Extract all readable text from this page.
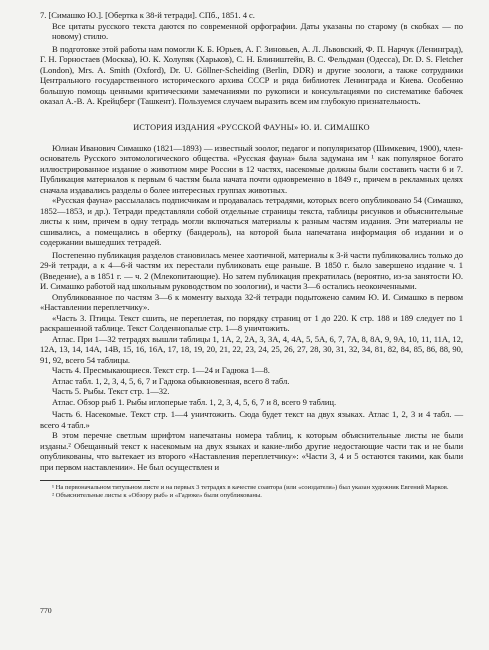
7. [Симашко Ю.]. [Обертка к 38-й тетради]. СПб., 1851. 4 с.

Все цитаты русского текста даются по современной орфографии. Даты указаны по старому (в скобках — по новому) стилю.

В подготовке этой работы нам помогли К. Б. Юрьев, А. Г. Зиновьев, А. Л. Львовский, Ф. П. Нарчук (Ленинград), Г. Н. Горностаев (Москва), Ю. К. Холупяк (Харьков), С. Н. Блиништейн, В. С. Фельдман (Одесса), Dr. D. S. Fletcher (London), Mrs. A. Smith (Oxford), Dr. U. Göllner-Scheiding (Berlin, DDR) и другие зоологи, а также сотрудники Центрального государственного исторического архива СССР и ряда библиотек Ленинграда и Киева. Особенно большую помощь ценными критическими замечаниями по рукописи и консультациями по систематике бабочек оказал А.-В. А. Крейцберг (Ташкент). Пользуемся случаем выразить всем им глубокую признательность.

ИСТОРИЯ ИЗДАНИЯ «РУССКОЙ ФАУНЫ» Ю. И. СИМАШКО

Юлиан Иванович Симашко (1821—1893) — известный зоолог, педагог и популяризатор (Шимкевич, 1900), член-основатель Русского энтомологического общества. «Русская фауна» была задумана им ¹ как популярное богато иллюстрированное издание о животном мире России в 12 частях, насекомые должны были составить части 6 и 7. Публикация материалов к первым 6 частям была начата почти одновременно в 1849 г., причем в рекламных целях сначала издавались разделы о более интересных группах животных.

«Русская фауна» рассылалась подписчикам и продавалась тетрадями, которых всего опубликовано 54 (Симашко, 1852—1853, и др.). Тетради представляли собой отдельные страницы текста, таблицы рисунков и объяснительные листы к ним, причем в одну тетрадь могли включаться материалы к разным частям издания. Эти материалы не сшивались, а помещались в обертку (бандероль), на которой была напечатана информация об издании и о содержании вышедших тетрадей.

Постепенно публикация разделов становилась менее хаотичной, материалы к 3-й части публиковались только до 29-й тетради, а к 4—6-й частям их перестали публиковать еще раньше. В 1850 г. было завершено издание ч. 1 (Введение), а в 1851 г. — ч. 2 (Млекопитающие). Но затем публикация прекратилась (вероятно, из-за занятости Ю. И. Симашко работой над школьным руководством по зоологии), и части 3—6 остались неоконченными.

Опубликованное по частям 3—6 к моменту выхода 32-й тетради подытожено самим Ю. И. Симашко в первом «Наставлении переплетчику».

«Часть 3. Птицы. Текст сшить, не переплетая, по порядку страниц от 1 до 220. К стр. 188 и 189 следует по 1 раскрашенной таблице. Текст Солденнопалые стр. 1—8 уничтожить.

Атлас. При 1—32 тетрадях вышли таблицы 1, 1A, 2, 2A, 3, 3A, 4, 4A, 5, 5A, 6, 7, 7A, 8, 8A, 9, 9A, 10, 11, 11A, 12, 12A, 13, 14, 14A, 14B, 15, 16, 16A, 17, 18, 19, 20, 21, 22, 23, 24, 25, 26, 27, 28, 30, 31, 32, 34, 81, 82, 84, 85, 86, 88, 90, 91, 92, всего 54 таблицы.

Часть 4. Пресмыкающиеся. Текст стр. 1—24 и Гадюка 1—8.

Атлас табл. 1, 2, 3, 4, 5, 6, 7 и Гадюка обыкновенная, всего 8 табл.

Часть 5. Рыбы. Текст стр. 1—32.

Атлас. Обзор рыб 1. Рыбы иглоперые табл. 1, 2, 3, 4, 5, 6, 7 и 8, всего 9 таблиц.

Часть 6. Насекомые. Текст стр. 1—4 уничтожить. Сюда будет текст на двух языках. Атлас 1, 2, 3 и 4 табл. — всего 4 табл.»

В этом перечне светлым шрифтом напечатаны номера таблиц, к которым объяснительные листы не были изданы.² Обещанный текст к насекомым на двух языках и какие-либо другие недостающие части так и не были опубликованы, что вытекает из второго «Наставления переплетчику»: «Части 3, 4 и 5 остаются такими, как были при первом наставлении». Не был осуществлен и

¹ На первоначальном титульном листе и на первых 3 тетрадях в качестве соавтора (или «соиздателя») был указан художник Евгений Марков.

² Объяснительные листы к «Обзору рыб» и «Гадюке» были опубликованы.

770
